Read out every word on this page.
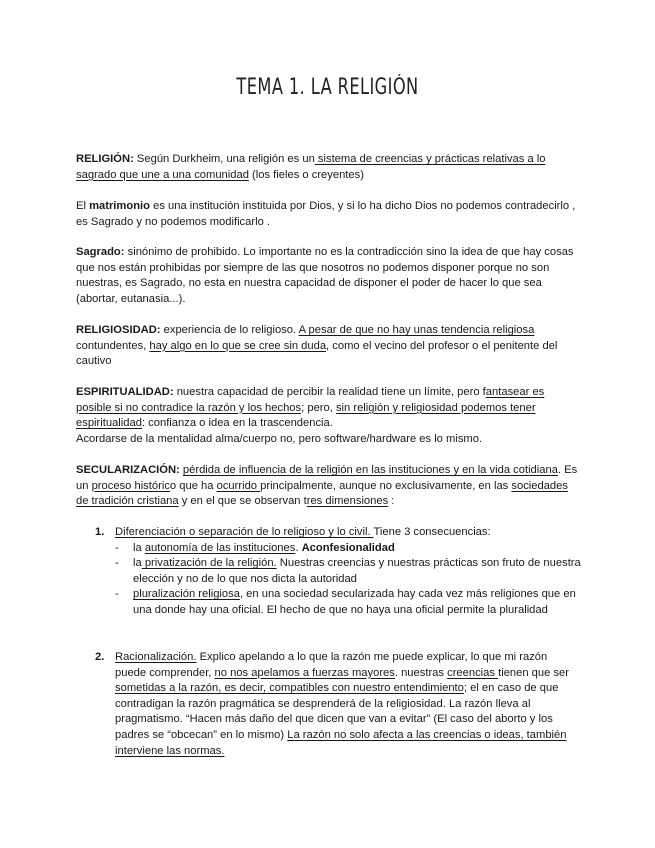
TEMA 1. LA RELIGIÓN

RELIGIÓN: Según Durkheim, una religión es un sistema de creencias y prácticas relativas a lo sagrado que une a una comunidad (los fieles o creyentes)

El matrimonio es una institución instituida por Dios, y si lo ha dicho Dios no podemos contradecirlo , es Sagrado y no podemos modificarlo .

Sagrado: sinónimo de prohibido. Lo importante no es la contradicción sino la idea de que hay cosas que nos están prohibidas por siempre de las que nosotros no podemos disponer porque no son nuestras, es Sagrado, no esta en nuestra capacidad de disponer el poder de hacer lo que sea (abortar, eutanasia...).

RELIGIOSIDAD: experiencia de lo religioso. A pesar de que no hay unas tendencia religiosa contundentes, hay algo en lo que se cree sin duda, como el vecino del profesor o el penitente del cautivo

ESPIRITUALIDAD: nuestra capacidad de percibir la realidad tiene un límite, pero fantasear es posible si no contradice la razón y los hechos; pero, sin religión y religiosidad podemos tener espiritualidad: confianza o idea en la trascendencia.
Acordarse de la mentalidad alma/cuerpo no, pero software/hardware es lo mismo.

SECULARIZACIÓN: pérdida de influencia de la religión en las instituciones y en la vida cotidiana. Es un proceso histórico que ha ocurrido principalmente, aunque no exclusivamente, en las sociedades de tradición cristiana y en el que se observan tres dimensiones :

1. Diferenciación o separación de lo religioso y lo civil. Tiene 3 consecuencias:
- la autonomía de las instituciones. Aconfesionalidad
- la privatización de la religión. Nuestras creencias y nuestras prácticas son fruto de nuestra elección y no de lo que nos dicta la autoridad
- pluralización religiosa, en una sociedad secularizada hay cada vez más religiones que en una donde hay una oficial. El hecho de que no haya una oficial permite la pluralidad
2. Racionalización. Explico apelando a lo que la razón me puede explicar, lo que mi razón puede comprender, no nos apelamos a fuerzas mayores. nuestras creencias tienen que ser sometidas a la razón, es decir, compatibles con nuestro entendimiento; el en caso de que contradigan la razón pragmática se desprenderá de la religiosidad. La razón lleva al pragmatismo. “Hacen más daño del que dicen que van a evitar” (El caso del aborto y los padres se “obcecan” en lo mismo) La razón no solo afecta a las creencias o ideas, también interviene las normas.
